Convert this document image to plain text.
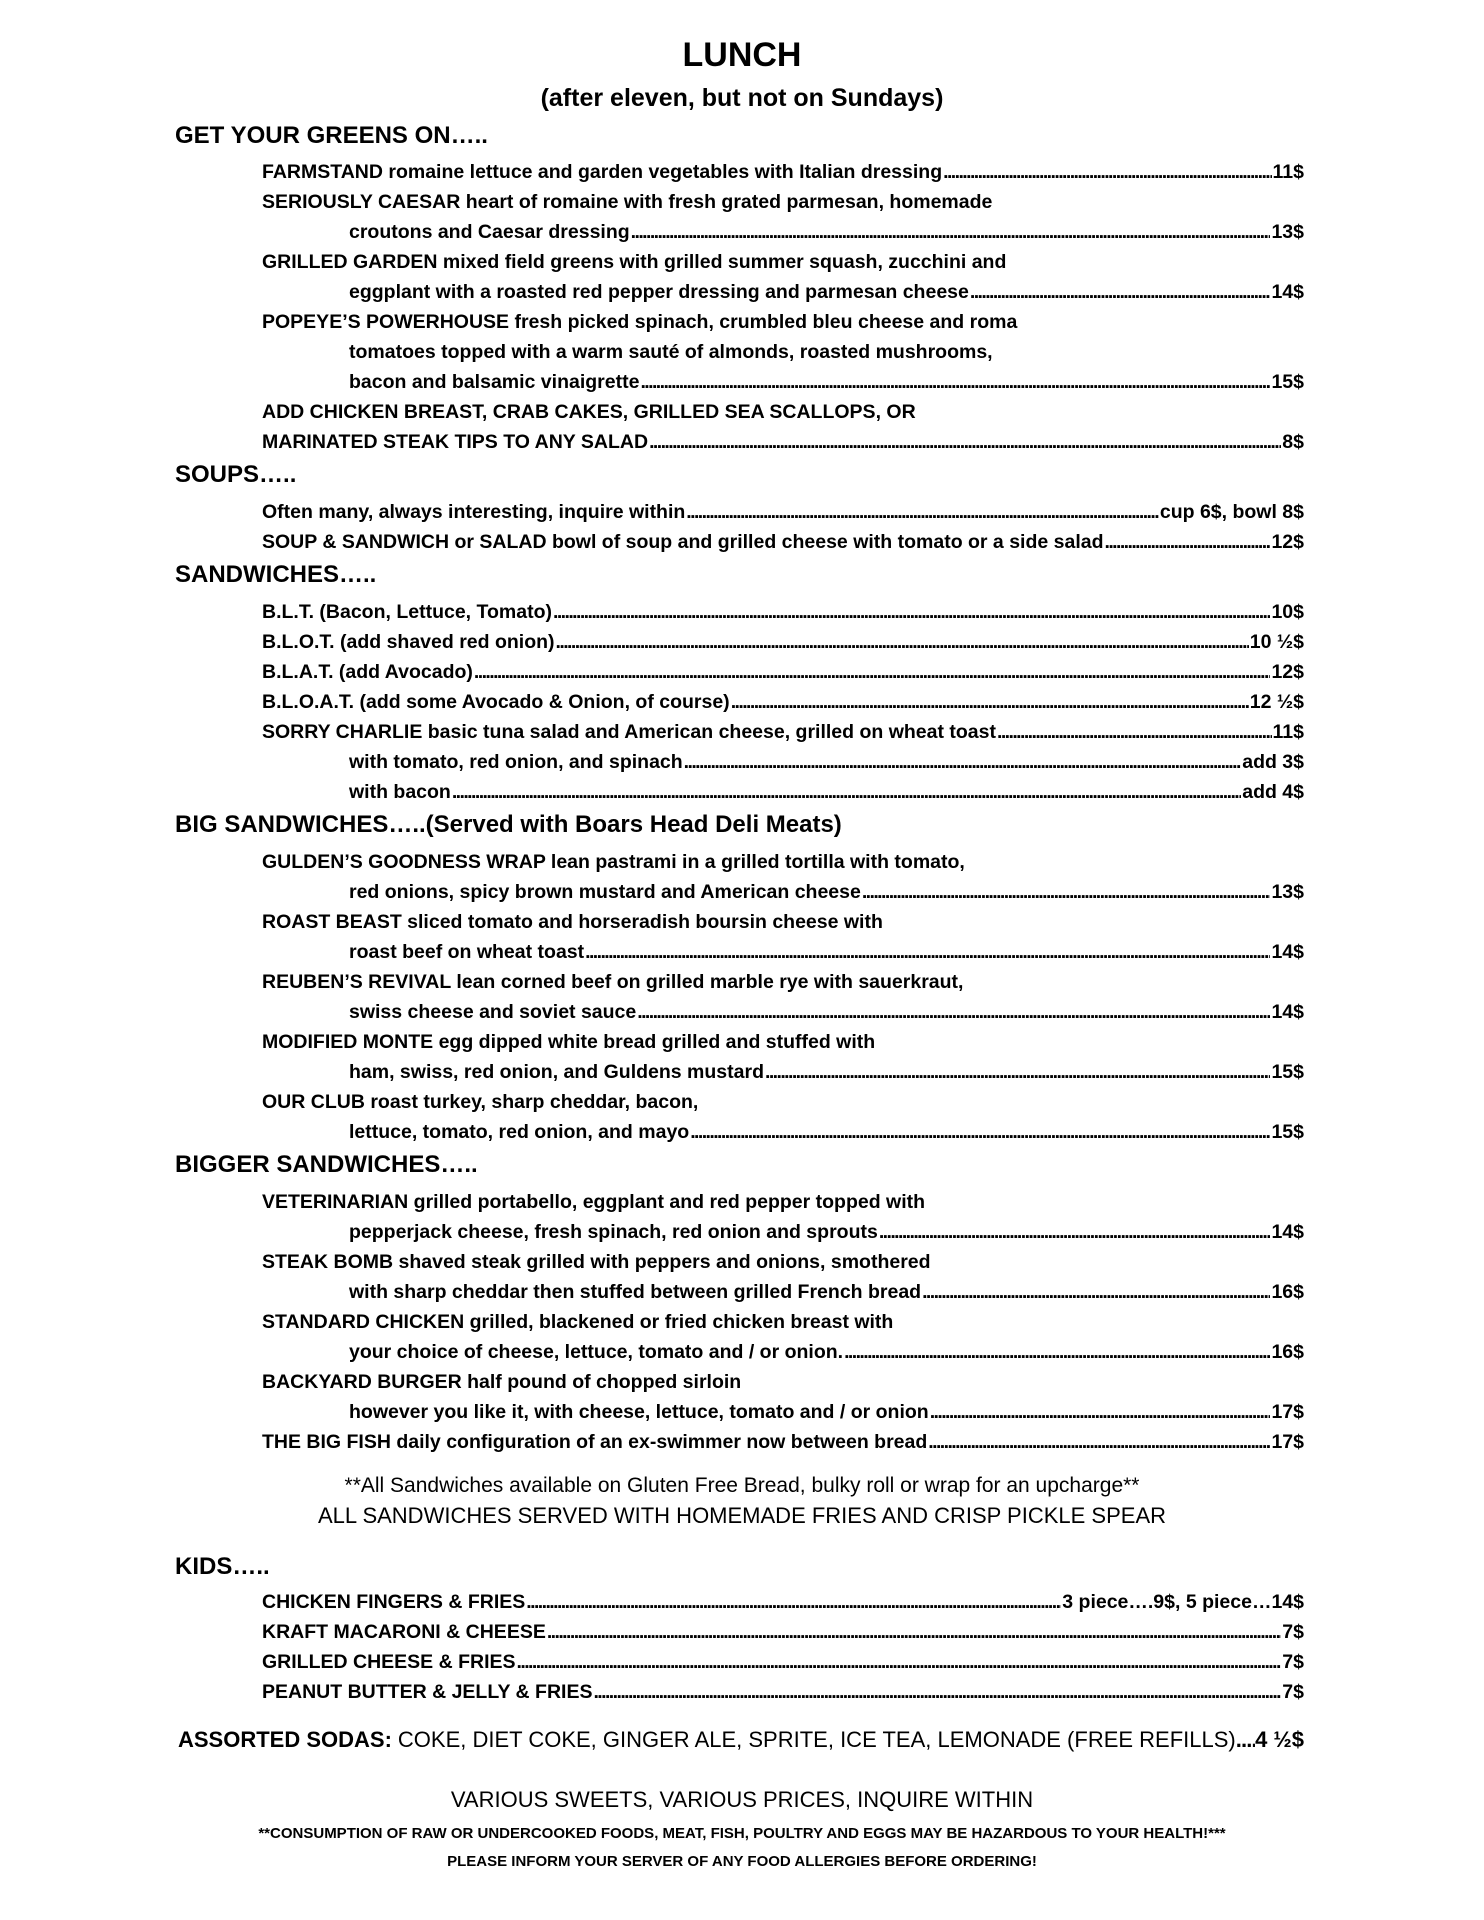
LUNCH
(after eleven, but not on Sundays)
GET YOUR GREENS ON…..
FARMSTAND romaine lettuce and garden vegetables with Italian dressing . . .	11$
SERIOUSLY CAESAR heart of romaine with fresh grated parmesan, homemade
croutons and Caesar dressing . . .	13$
GRILLED GARDEN mixed field greens with grilled summer squash, zucchini and
eggplant with a roasted red pepper dressing and parmesan cheese . . .	14$
POPEYE’S POWERHOUSE fresh picked spinach, crumbled bleu cheese and roma
tomatoes topped with a warm sauté of almonds, roasted mushrooms,
bacon and balsamic vinaigrette . . .	15$
ADD CHICKEN BREAST, CRAB CAKES, GRILLED SEA SCALLOPS, OR
MARINATED STEAK TIPS TO ANY SALAD . . .	8$
SOUPS…..
Often many, always interesting, inquire within . . .	cup 6$, bowl 8$
SOUP & SANDWICH or SALAD bowl of soup and grilled cheese with tomato or a side salad . . .	12$
SANDWICHES…..
B.L.T. (Bacon, Lettuce, Tomato) . . .	10$
B.L.O.T. (add shaved red onion) . . .	10 ½$
B.L.A.T. (add Avocado) . . .	12$
B.L.O.A.T. (add some Avocado & Onion, of course) . . .	12 ½$
SORRY CHARLIE basic tuna salad and American cheese, grilled on wheat toast . . .	11$
with tomato, red onion, and spinach . . .	add 3$
with bacon . . .	add 4$
BIG SANDWICHES…..(Served with Boars Head Deli Meats)
GULDEN’S GOODNESS WRAP lean pastrami in a grilled tortilla with tomato,
red onions, spicy brown mustard and American cheese . . .	13$
ROAST BEAST sliced tomato and horseradish boursin cheese with
roast beef on wheat toast . . .	14$
REUBEN’S REVIVAL lean corned beef on grilled marble rye with sauerkraut,
swiss cheese and soviet sauce . . .	14$
MODIFIED MONTE egg dipped white bread grilled and stuffed with
ham, swiss, red onion, and Guldens mustard . . .	15$
OUR CLUB roast turkey, sharp cheddar, bacon,
lettuce, tomato, red onion, and mayo . . .	15$
BIGGER SANDWICHES…..
VETERINARIAN grilled portabello, eggplant and red pepper topped with
pepperjack cheese, fresh spinach, red onion and sprouts . . .	14$
STEAK BOMB shaved steak grilled with peppers and onions, smothered
with sharp cheddar then stuffed between grilled French bread . . .	16$
STANDARD CHICKEN grilled, blackened or fried chicken breast with
your choice of cheese, lettuce, tomato and / or onion. . . .	16$
BACKYARD BURGER half pound of chopped sirloin
however you like it, with cheese, lettuce, tomato and / or onion . . .	17$
THE BIG FISH daily configuration of an ex-swimmer now between bread . . .	17$
**All Sandwiches available on Gluten Free Bread, bulky roll or wrap for an upcharge**
ALL SANDWICHES SERVED WITH HOMEMADE FRIES AND CRISP PICKLE SPEAR
KIDS…..
CHICKEN FINGERS & FRIES . . .	3 piece….9$, 5 piece…14$
KRAFT MACARONI & CHEESE . . .	7$
GRILLED CHEESE & FRIES . . .	7$
PEANUT BUTTER & JELLY & FRIES . . .	7$
ASSORTED SODAS: COKE, DIET COKE, GINGER ALE, SPRITE, ICE TEA, LEMONADE (FREE REFILLS) . . . 4 ½$
VARIOUS SWEETS, VARIOUS PRICES, INQUIRE WITHIN
**CONSUMPTION OF RAW OR UNDERCOOKED FOODS, MEAT, FISH, POULTRY AND EGGS MAY BE HAZARDOUS TO YOUR HEALTH!***
PLEASE INFORM YOUR SERVER OF ANY FOOD ALLERGIES BEFORE ORDERING!
